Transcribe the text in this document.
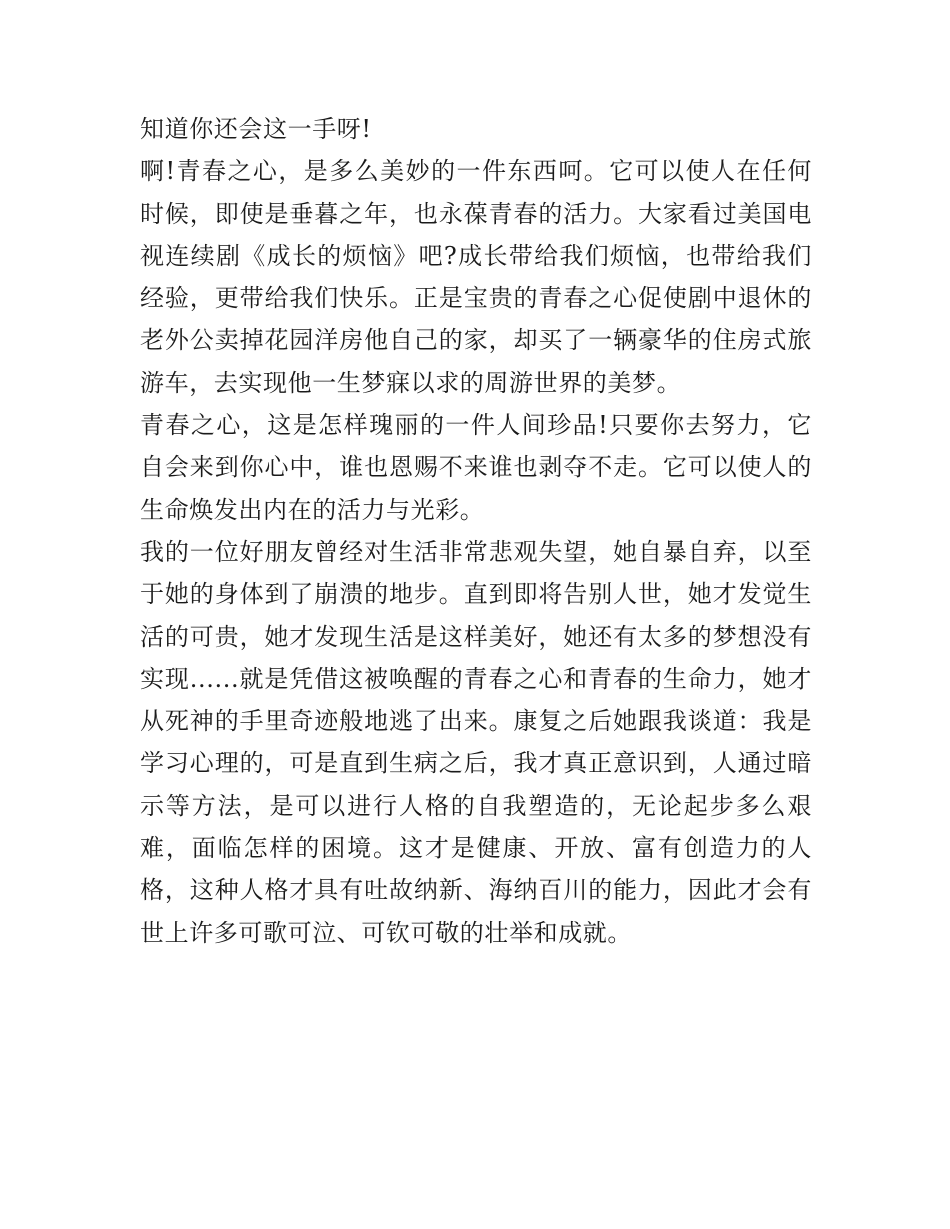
知道你还会这一手呀!

啊!青春之心，是多么美妙的一件东西呵。它可以使人在任何时候，即使是垂暮之年，也永葆青春的活力。大家看过美国电视连续剧《成长的烦恼》吧?成长带给我们烦恼，也带给我们经验，更带给我们快乐。正是宝贵的青春之心促使剧中退休的老外公卖掉花园洋房他自己的家，却买了一辆豪华的住房式旅游车，去实现他一生梦寐以求的周游世界的美梦。

青春之心，这是怎样瑰丽的一件人间珍品!只要你去努力，它自会来到你心中，谁也恩赐不来谁也剥夺不走。它可以使人的生命焕发出内在的活力与光彩。

我的一位好朋友曾经对生活非常悲观失望，她自暴自弃，以至于她的身体到了崩溃的地步。直到即将告别人世，她才发觉生活的可贵，她才发现生活是这样美好，她还有太多的梦想没有实现......就是凭借这被唤醒的青春之心和青春的生命力，她才从死神的手里奇迹般地逃了出来。康复之后她跟我谈道：我是学习心理的，可是直到生病之后，我才真正意识到，人通过暗示等方法，是可以进行人格的自我塑造的，无论起步多么艰难，面临怎样的困境。这才是健康、开放、富有创造力的人格，这种人格才具有吐故纳新、海纳百川的能力，因此才会有世上许多可歌可泣、可钦可敬的壮举和成就。
